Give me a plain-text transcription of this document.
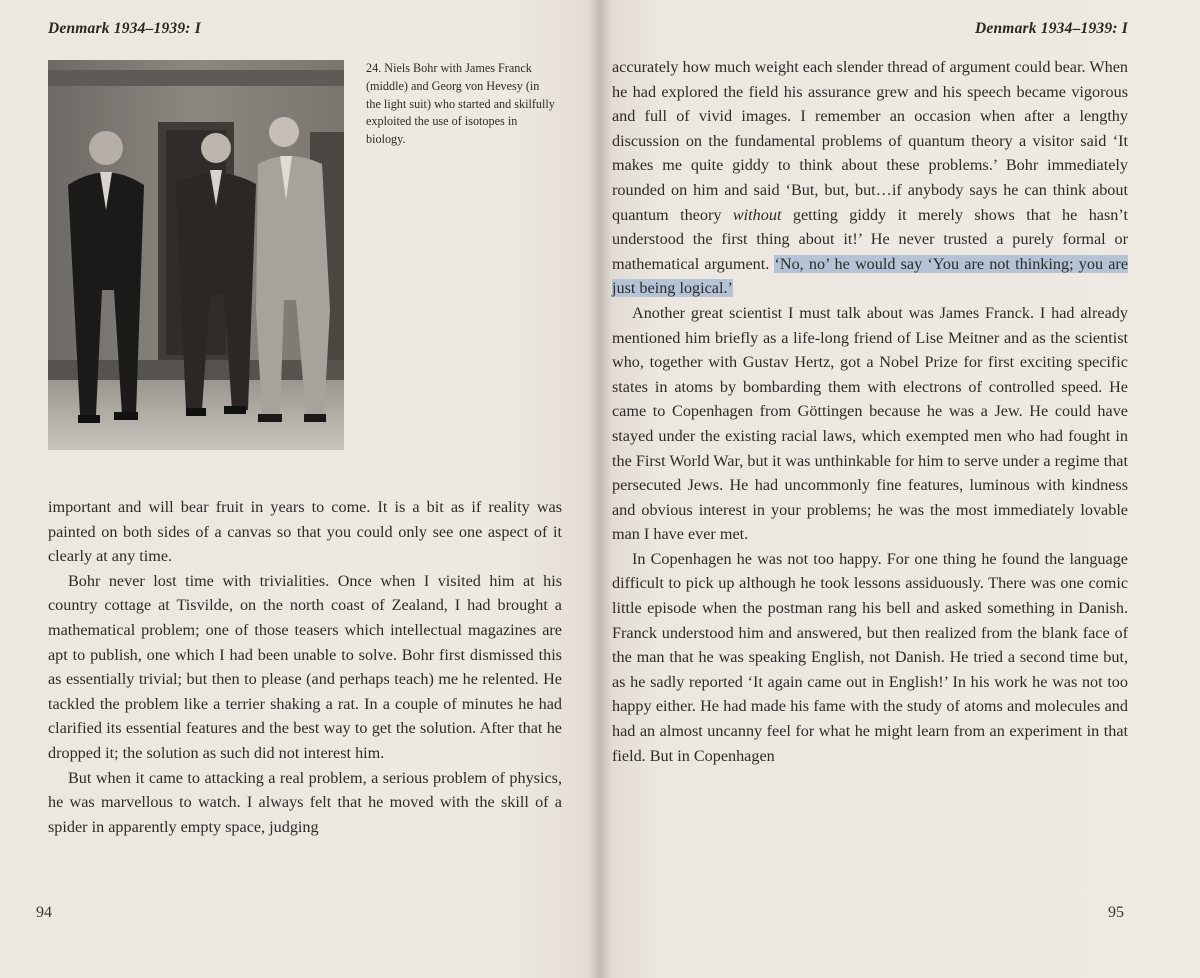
Denmark 1934–1939: I
24. Niels Bohr with James Franck (middle) and Georg von Hevesy (in the light suit) who started and skilfully exploited the use of isotopes in biology.

important and will bear fruit in years to come. It is a bit as if reality was painted on both sides of a canvas so that you could only see one aspect of it clearly at any time.

Bohr never lost time with trivialities. Once when I visited him at his country cottage at Tisvilde, on the north coast of Zealand, I had brought a mathematical problem; one of those teasers which intellectual magazines are apt to publish, one which I had been unable to solve. Bohr first dismissed this as essentially trivial; but then to please (and perhaps teach) me he relented. He tackled the problem like a terrier shaking a rat. In a couple of minutes he had clarified its essential features and the best way to get the solution. After that he dropped it; the solution as such did not interest him.

But when it came to attacking a real problem, a serious problem of physics, he was marvellous to watch. I always felt that he moved with the skill of a spider in apparently empty space, judging

94
Denmark 1934–1939: I

accurately how much weight each slender thread of argument could bear. When he had explored the field his assurance grew and his speech became vigorous and full of vivid images. I remember an occasion when after a lengthy discussion on the fundamental problems of quantum theory a visitor said ‘It makes me quite giddy to think about these problems.’ Bohr immediately rounded on him and said ‘But, but, but…if anybody says he can think about quantum theory without getting giddy it merely shows that he hasn’t understood the first thing about it!’ He never trusted a purely formal or mathematical argument. ‘No, no’ he would say ‘You are not thinking; you are just being logical.’

Another great scientist I must talk about was James Franck. I had already mentioned him briefly as a life-long friend of Lise Meitner and as the scientist who, together with Gustav Hertz, got a Nobel Prize for first exciting specific states in atoms by bombarding them with electrons of controlled speed. He came to Copenhagen from Göttingen because he was a Jew. He could have stayed under the existing racial laws, which exempted men who had fought in the First World War, but it was unthinkable for him to serve under a regime that persecuted Jews. He had uncommonly fine features, luminous with kindness and obvious interest in your problems; he was the most immediately lovable man I have ever met.

In Copenhagen he was not too happy. For one thing he found the language difficult to pick up although he took lessons assiduously. There was one comic little episode when the postman rang his bell and asked something in Danish. Franck understood him and answered, but then realized from the blank face of the man that he was speaking English, not Danish. He tried a second time but, as he sadly reported ‘It again came out in English!’ In his work he was not too happy either. He had made his fame with the study of atoms and molecules and had an almost uncanny feel for what he might learn from an experiment in that field. But in Copenhagen

95
